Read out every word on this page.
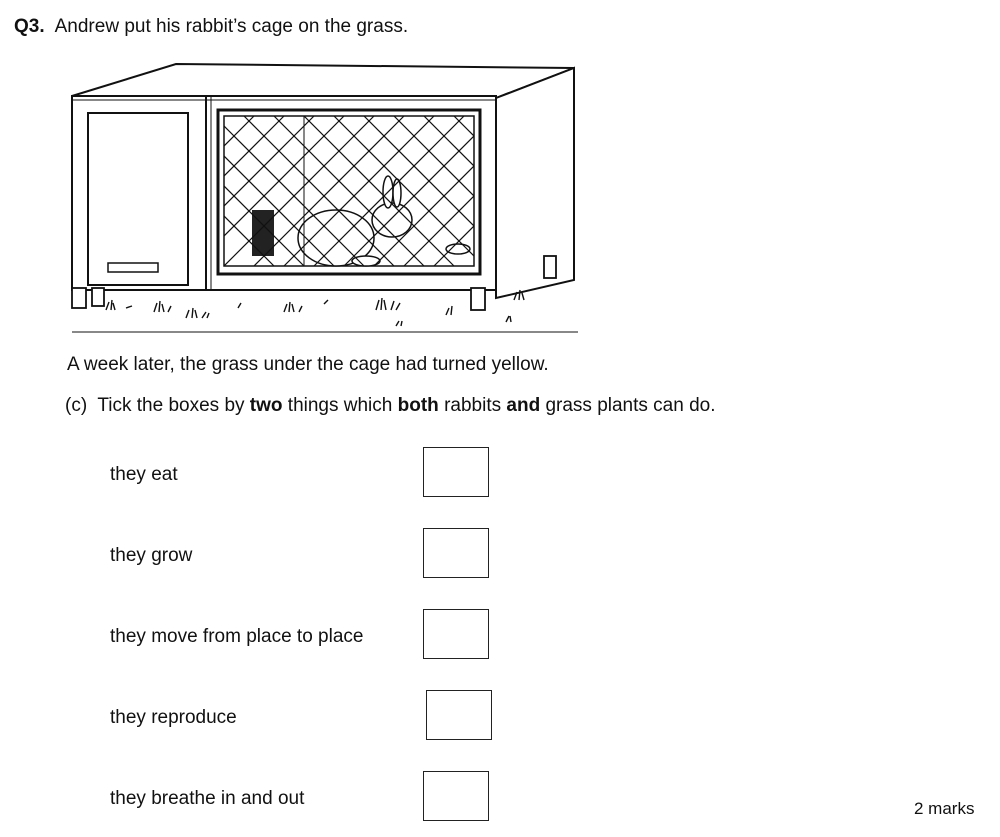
Q3. Andrew put his rabbit’s cage on the grass.
A week later, the grass under the cage had turned yellow.
(c) Tick the boxes by two things which both rabbits and grass plants can do.
they eat
they grow
they move from place to place
they reproduce
they breathe in and out	2 marks
